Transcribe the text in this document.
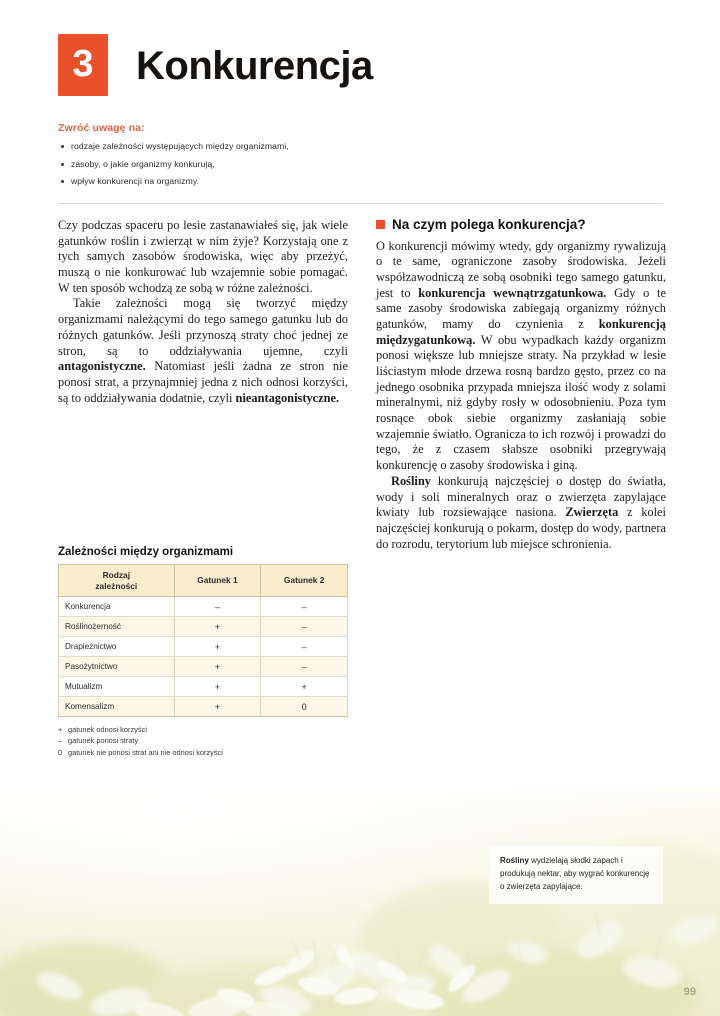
3 Konkurencja
Zwróć uwagę na:
rodzaje zależności występujących między organizmami,
zasoby, o jakie organizmy konkurują,
wpływ konkurencji na organizmy.

Czy podczas spaceru po lesie zastanawiałeś się, jak wiele gatunków roślin i zwierząt w nim żyje? Korzystają one z tych samych zasobów środowiska, więc aby przeżyć, muszą o nie konkurować lub wzajemnie sobie pomagać. W ten sposób wchodzą ze sobą w różne zależności.

Takie zależności mogą się tworzyć między organizmami należącymi do tego samego gatunku lub do różnych gatunków. Jeśli przynoszą straty choć jednej ze stron, są to oddziaływania ujemne, czyli antagonistyczne. Natomiast jeśli żadna ze stron nie ponosi strat, a przynajmniej jedna z nich odnosi korzyści, są to oddziaływania dodatnie, czyli nieantagonistyczne.

Na czym polega konkurencja?

O konkurencji mówimy wtedy, gdy organizmy rywalizują o te same, ograniczone zasoby środowiska. Jeżeli współzawodniczą ze sobą osobniki tego samego gatunku, jest to konkurencja wewnątrzgatunkowa. Gdy o te same zasoby środowiska zabiegają organizmy różnych gatunków, mamy do czynienia z konkurencją międzygatunkową. W obu wypadkach każdy organizm ponosi większe lub mniejsze straty. Na przykład w lesie liściastym młode drzewa rosną bardzo gęsto, przez co na jednego osobnika przypada mniejsza ilość wody z solami mineralnymi, niż gdyby rosły w odosobnieniu. Poza tym rosnące obok siebie organizmy zasłaniają sobie wzajemnie światło. Ogranicza to ich rozwój i prowadzi do tego, że z czasem słabsze osobniki przegrywają konkurencję o zasoby środowiska i giną.

Rośliny konkurują najczęściej o dostęp do światła, wody i soli mineralnych oraz o zwierzęta zapylające kwiaty lub rozsiewające nasiona. Zwierzęta z kolei najczęściej konkurują o pokarm, dostęp do wody, partnera do rozrodu, terytorium lub miejsce schronienia.

Zależności między organizmami
Rodzaj
zależności	Gatunek 1	Gatunek 2
Konkurencja	–	–
Roślinożerność	+	–
Drapieżnictwo	+	–
Pasożytnictwo	+	–
Mutualizm	+	+
Komensalizm	+	0
+ gatunek odnosi korzyści
– gatunek ponosi straty
0 gatunek nie ponosi strat ani nie odnosi korzyści
Rośliny wydzielają słodki zapach i produkują nektar, aby wygrać konkurencję o zwierzęta zapylające.
99
